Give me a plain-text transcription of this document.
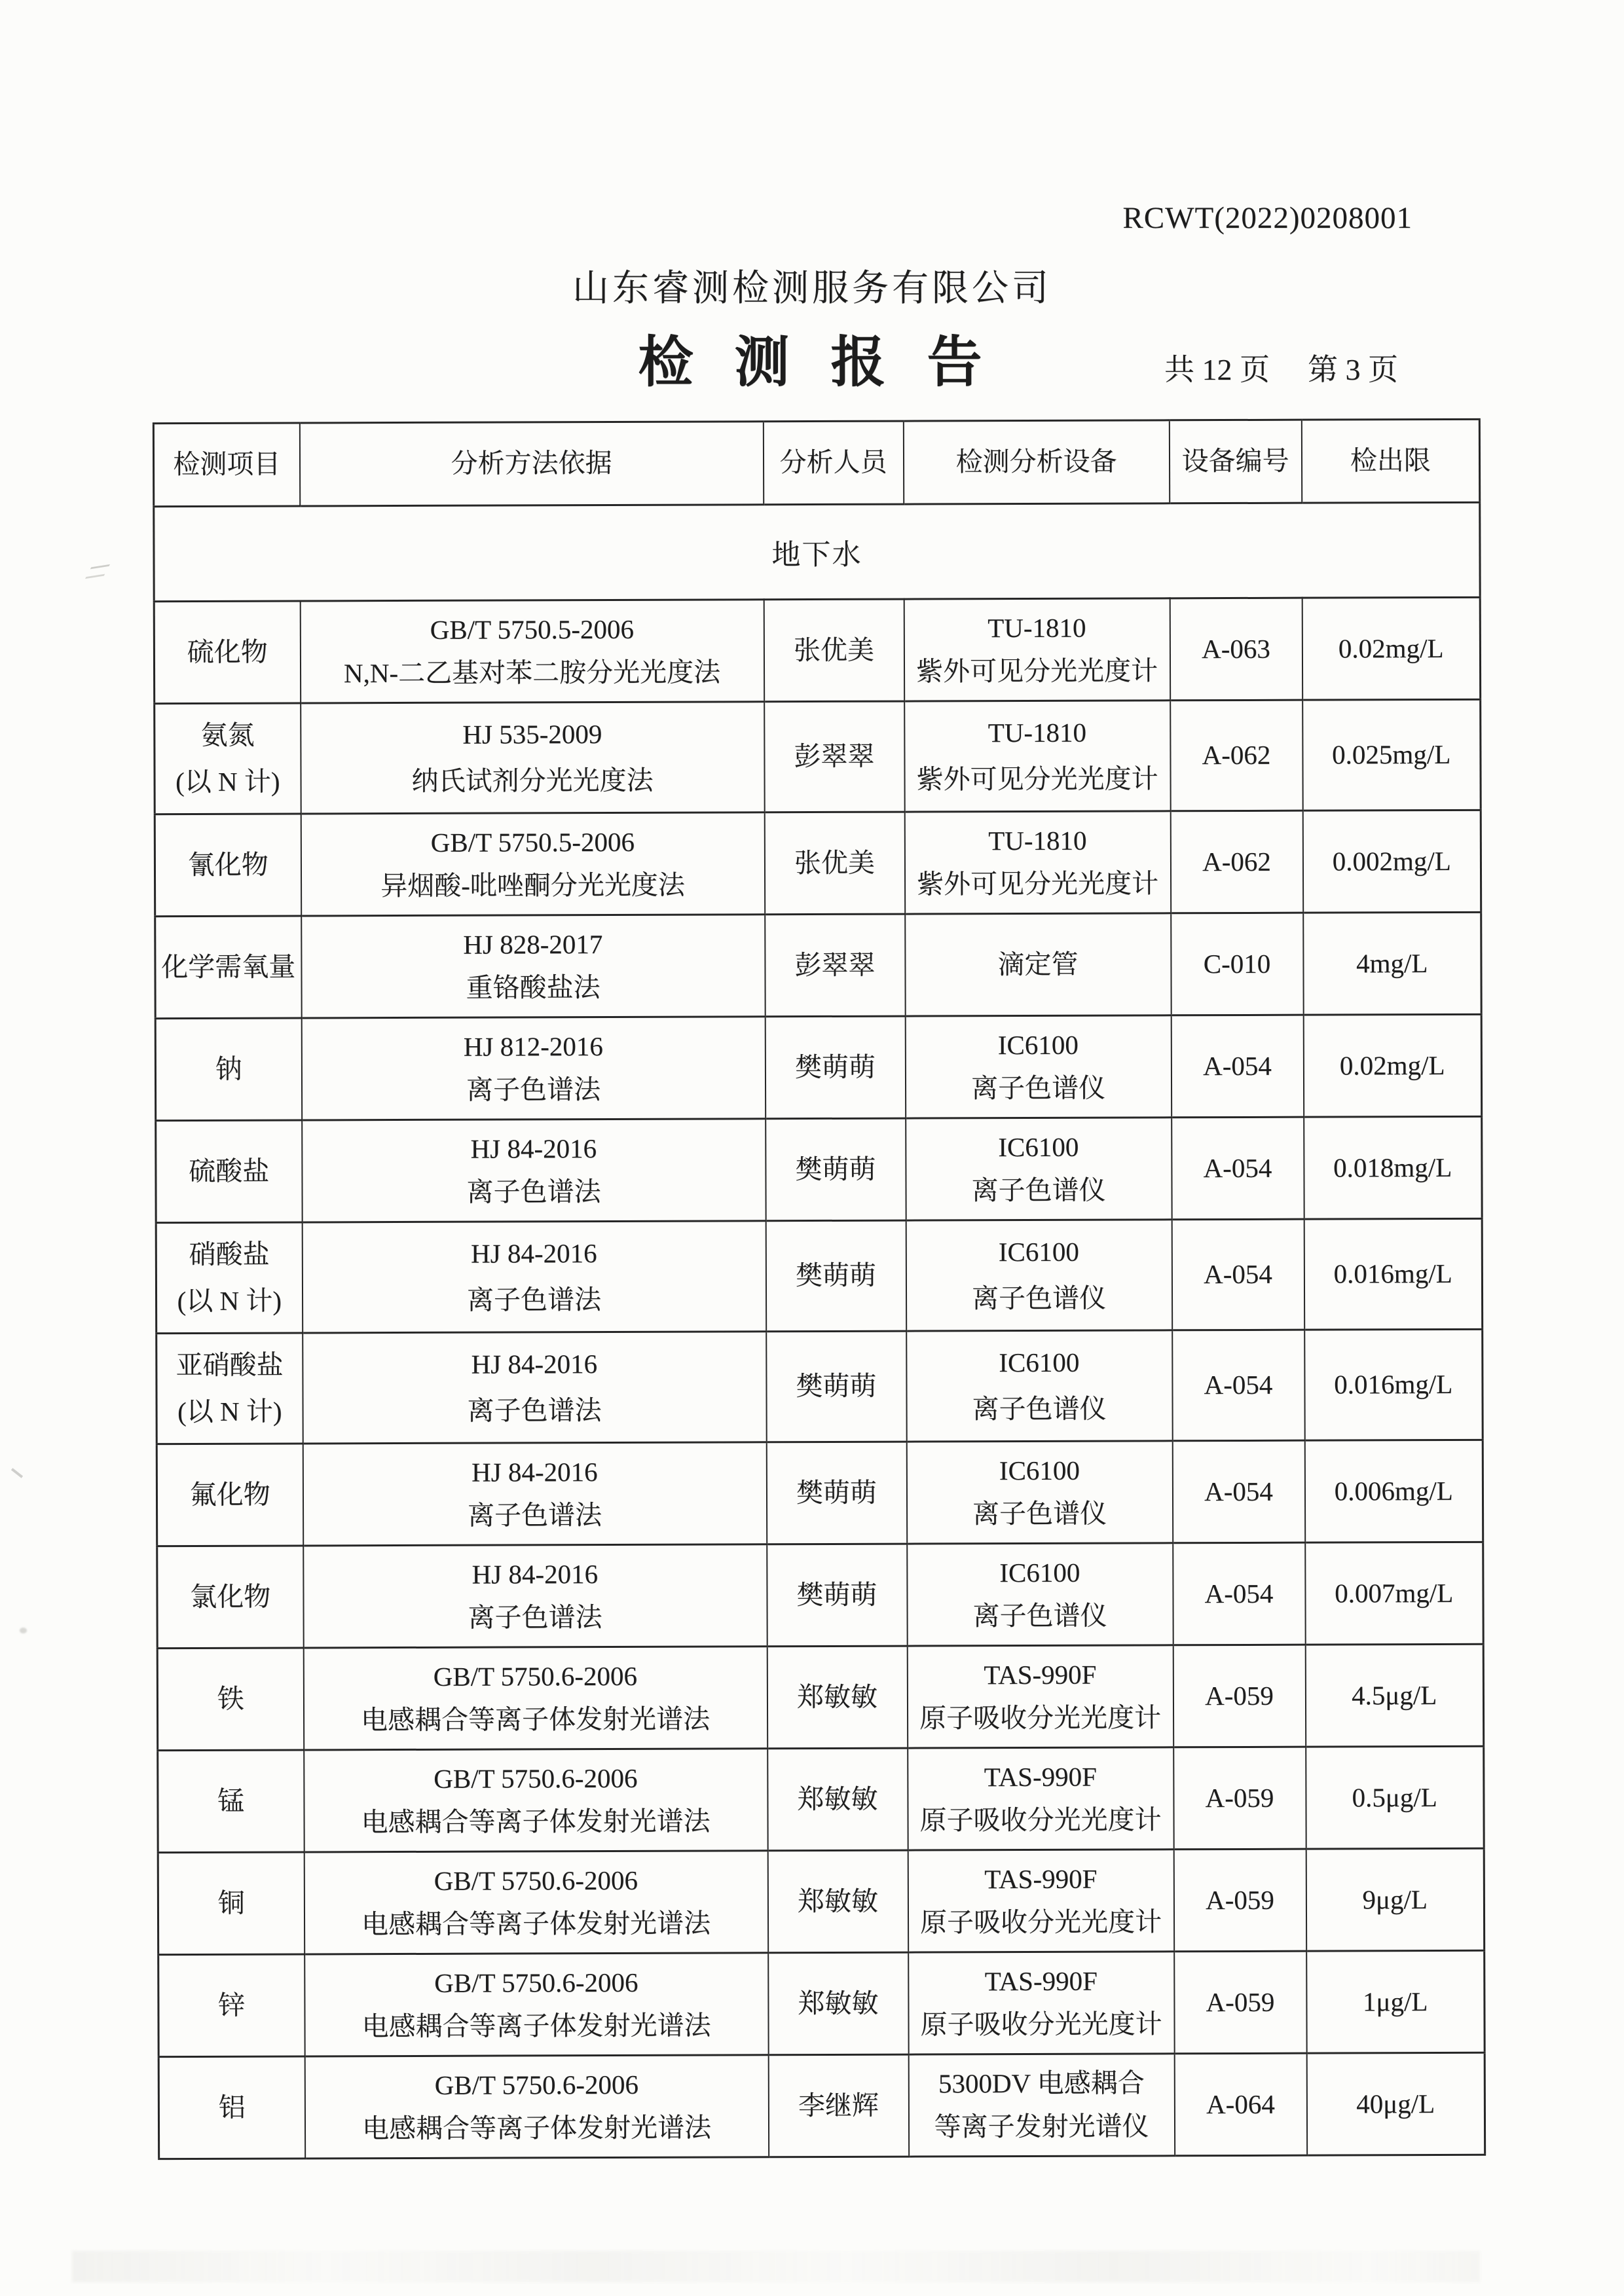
RCWT(2022)0208001
山东睿测检测服务有限公司
检 测 报 告	共 12 页 第 3 页
检测项目	分析方法依据	分析人员	检测分析设备	设备编号	检出限

地下水					

硫化物	GB/T 5750.5-2006
N,N-二乙基对苯二胺分光光度法	张优美	TU-1810
紫外可见分光光度计	A-063	0.02mg/L

氨氮
(以 N 计)	HJ 535-2009
纳氏试剂分光光度法	彭翠翠	TU-1810
紫外可见分光光度计	A-062	0.025mg/L

氰化物	GB/T 5750.5-2006
异烟酸-吡唑酮分光光度法	张优美	TU-1810
紫外可见分光光度计	A-062	0.002mg/L

化学需氧量	HJ 828-2017
重铬酸盐法	彭翠翠	滴定管	C-010	4mg/L

钠	HJ 812-2016
离子色谱法	樊萌萌	IC6100
离子色谱仪	A-054	0.02mg/L

硫酸盐	HJ 84-2016
离子色谱法	樊萌萌	IC6100
离子色谱仪	A-054	0.018mg/L

硝酸盐
(以 N 计)	HJ 84-2016
离子色谱法	樊萌萌	IC6100
离子色谱仪	A-054	0.016mg/L

亚硝酸盐
(以 N 计)	HJ 84-2016
离子色谱法	樊萌萌	IC6100
离子色谱仪	A-054	0.016mg/L

氟化物	HJ 84-2016
离子色谱法	樊萌萌	IC6100
离子色谱仪	A-054	0.006mg/L

氯化物	HJ 84-2016
离子色谱法	樊萌萌	IC6100
离子色谱仪	A-054	0.007mg/L

铁	GB/T 5750.6-2006
电感耦合等离子体发射光谱法	郑敏敏	TAS-990F
原子吸收分光光度计	A-059	4.5μg/L

锰	GB/T 5750.6-2006
电感耦合等离子体发射光谱法	郑敏敏	TAS-990F
原子吸收分光光度计	A-059	0.5μg/L

铜	GB/T 5750.6-2006
电感耦合等离子体发射光谱法	郑敏敏	TAS-990F
原子吸收分光光度计	A-059	9μg/L

锌	GB/T 5750.6-2006
电感耦合等离子体发射光谱法	郑敏敏	TAS-990F
原子吸收分光光度计	A-059	1μg/L

铝	GB/T 5750.6-2006
电感耦合等离子体发射光谱法	李继辉	5300DV 电感耦合
等离子发射光谱仪	A-064	40μg/L
